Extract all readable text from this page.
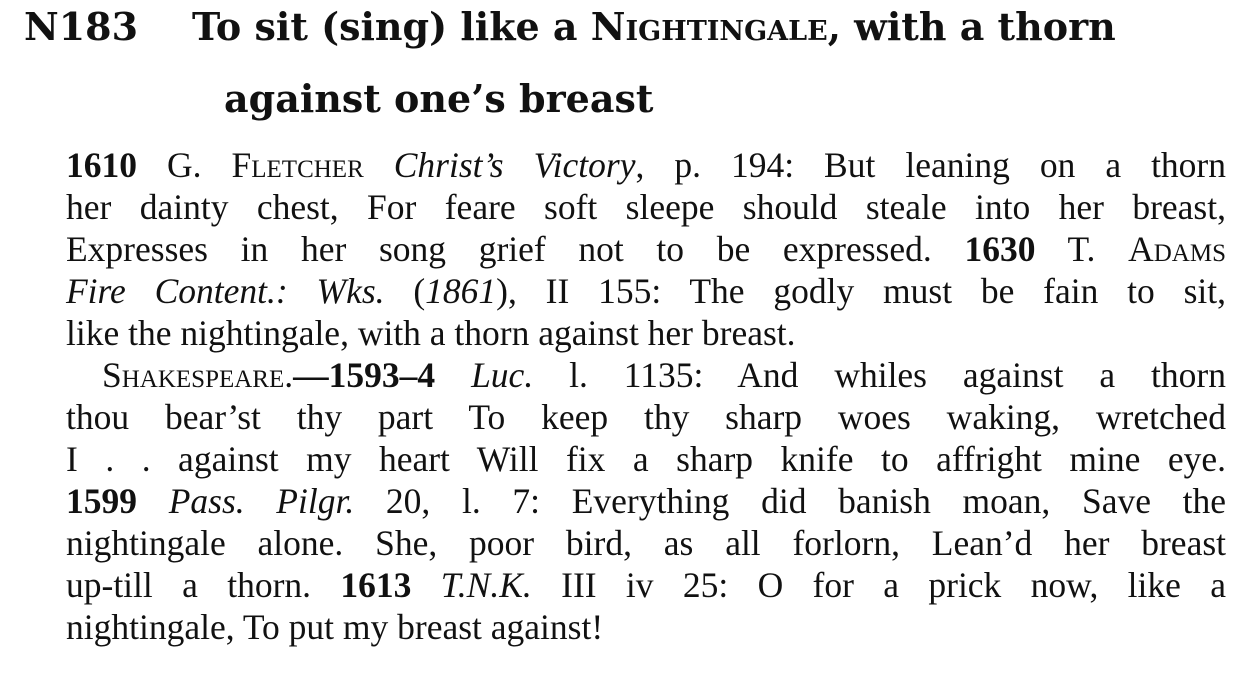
N183 To sit (sing) like a Nightingale, with a thorn
against one’s breast
1610 G. Fletcher Christ’s Victory, p. 194: But leaning on a thorn
her dainty chest, For feare soft sleepe should steale into her breast,
Expresses in her song grief not to be expressed. 1630 T. Adams
Fire Content.: Wks. (1861), II 155: The godly must be fain to sit,
like the nightingale, with a thorn against her breast.
Shakespeare.—1593–4 Luc. l. 1135: And whiles against a thorn
thou bear’st thy part To keep thy sharp woes waking, wretched
I . . against my heart Will fix a sharp knife to affright mine eye.
1599 Pass. Pilgr. 20, l. 7: Everything did banish moan, Save the
nightingale alone. She, poor bird, as all forlorn, Lean’d her breast
up-till a thorn. 1613 T.N.K. III iv 25: O for a prick now, like a
nightingale, To put my breast against!
